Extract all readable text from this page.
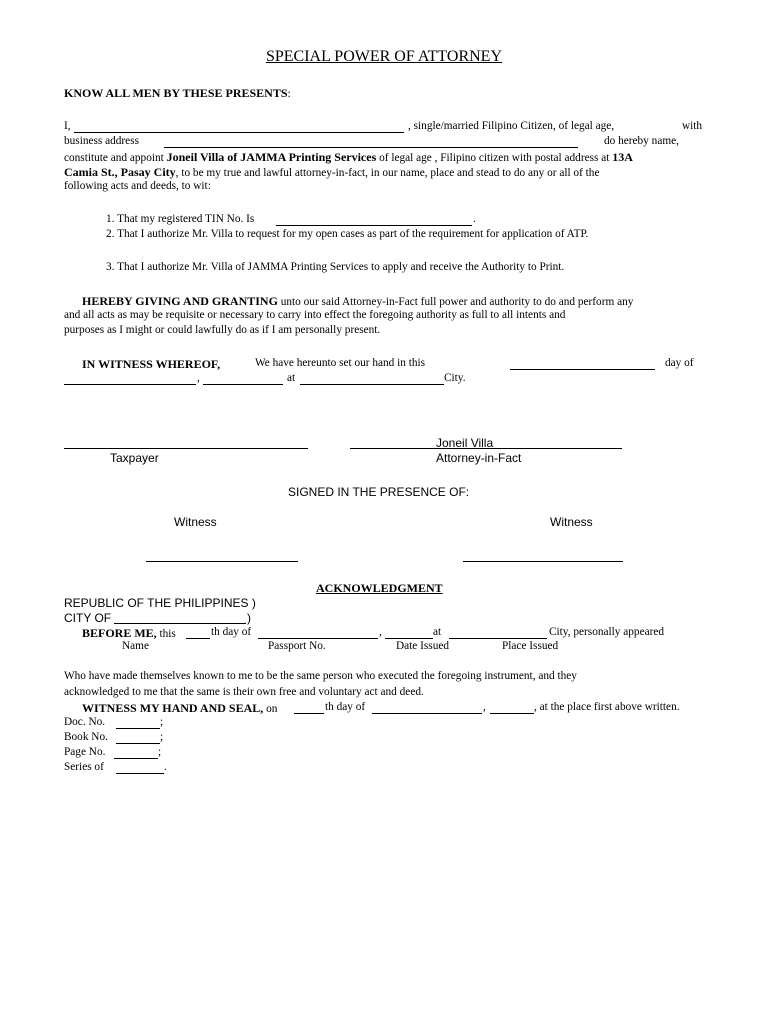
SPECIAL POWER OF ATTORNEY
KNOW ALL MEN BY THESE PRESENTS:
I,	, single/married Filipino Citizen, of legal age,	with
business address	do hereby name,
constitute and appoint Joneil Villa of JAMMA Printing Services of legal age , Filipino citizen with postal address at 13A
Camia St., Pasay City, to be my true and lawful attorney-in-fact, in our name, place and stead to do any or all of the
following acts and deeds, to wit:
1. That my registered TIN No. Is	.
2. That I authorize Mr. Villa to request for my open cases as part of the requirement for application of ATP.
3. That I authorize Mr. Villa of JAMMA Printing Services to apply and receive the Authority to Print.
HEREBY GIVING AND GRANTING unto our said Attorney-in-Fact full power and authority to do and perform any
and all acts as may be requisite or necessary to carry into effect the foregoing authority as full to all intents and
purposes as I might or could lawfully do as if I am personally present.
IN WITNESS WHEREOF,	We have hereunto set our hand in this	day of
,	at	City.
Taxpayer
Joneil Villa
Attorney-in-Fact
SIGNED IN THE PRESENCE OF:
Witness	Witness
ACKNOWLEDGMENT
REPUBLIC OF THE PHILIPPINES )
CITY OF	)
BEFORE ME, this	th day of	,	at	City, personally appeared
Name	Passport No.	Date Issued	Place Issued
Who have made themselves known to me to be the same person who executed the foregoing instrument, and they
acknowledged to me that the same is their own free and voluntary act and deed.
WITNESS MY HAND AND SEAL, on	th day of	,	, at the place first above written.
Doc. No.	;
Book No.	;
Page No.	;
Series of	.
